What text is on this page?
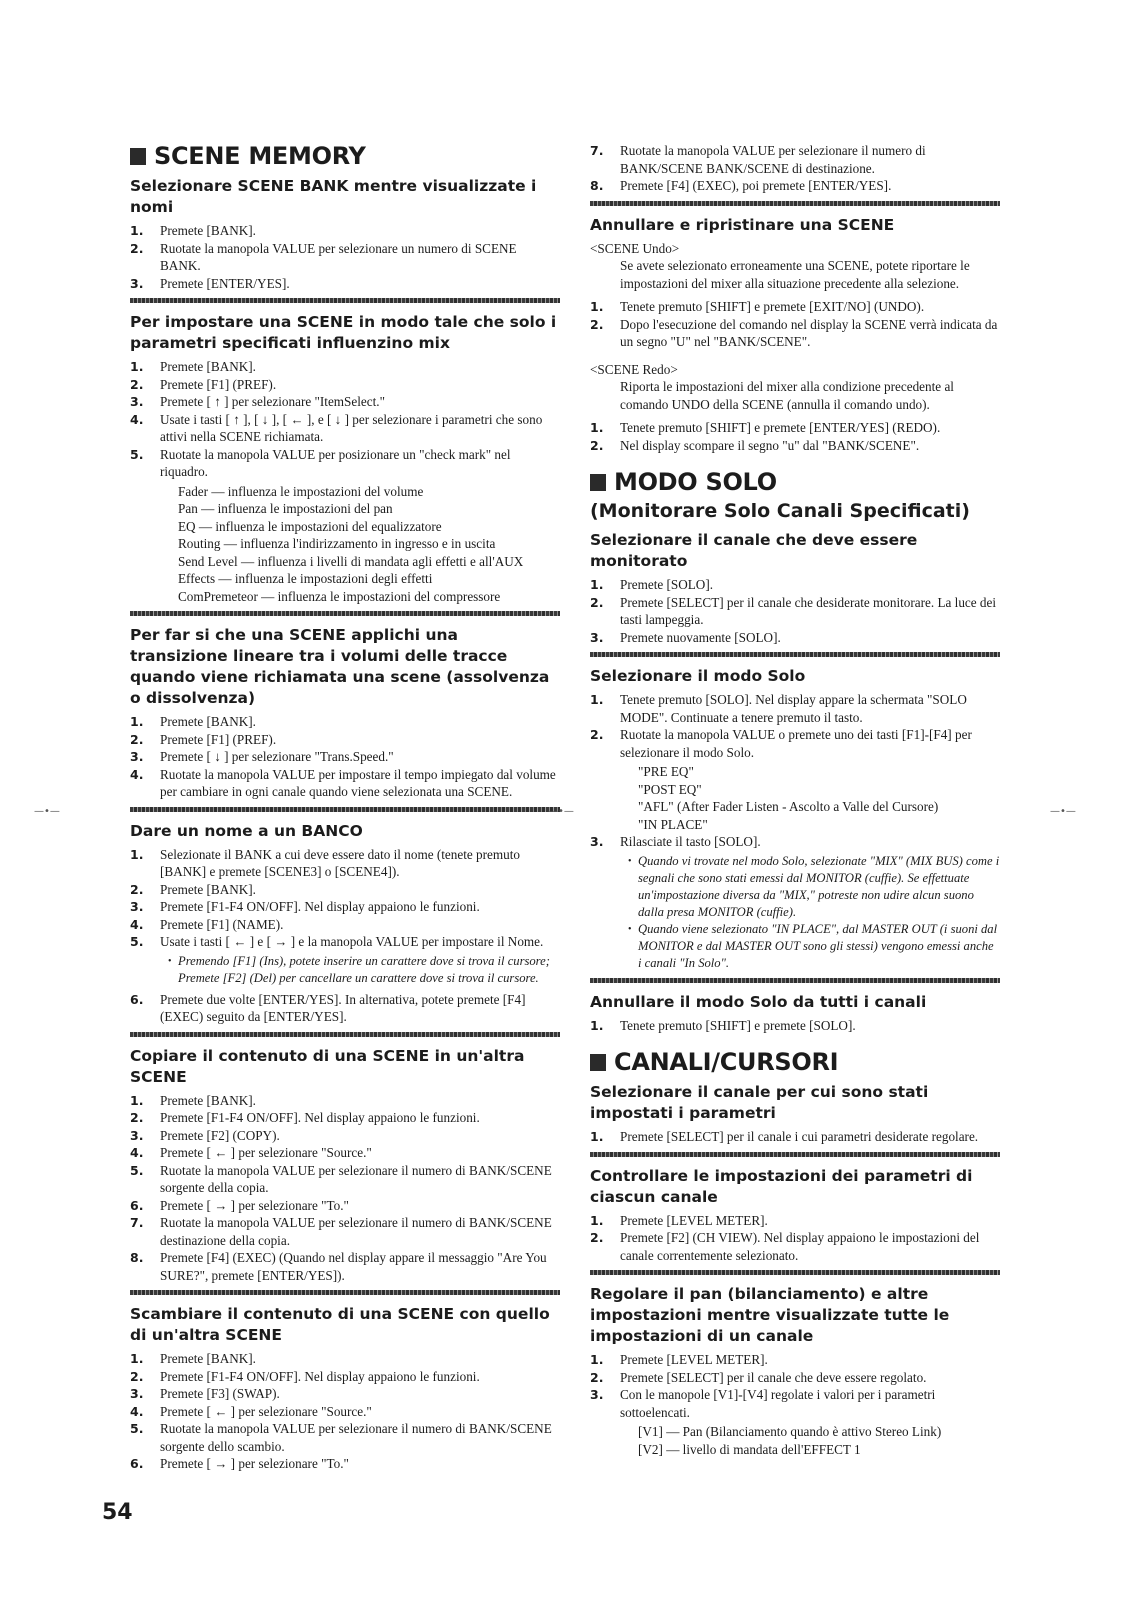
SCENE MEMORY
Selezionare SCENE BANK mentre visualizzate i nomi
1. Premete [BANK].
2. Ruotate la manopola VALUE per selezionare un numero di SCENE BANK.
3. Premete [ENTER/YES].
Per impostare una SCENE in modo tale che solo i parametri specificati influenzino mix
1. Premete [BANK].
2. Premete [F1] (PREF).
3. Premete [ ↑ ] per selezionare "ItemSelect."
4. Usate i tasti [ ↑ ], [ ↓ ], [ ← ], e [ ↓ ] per selezionare i parametri che sono attivi nella SCENE richiamata.
5. Ruotate la manopola VALUE per posizionare un "check mark" nel riquadro.
Fader — influenza le impostazioni del volume
Pan — influenza le impostazioni del pan
EQ — influenza le impostazioni del equalizzatore
Routing — influenza l'indirizzamento in ingresso e in uscita
Send Level — influenza i livelli di mandata agli effetti e all'AUX
Effects — influenza le impostazioni degli effetti
ComPremeteor — influenza le impostazioni del compressore
Per far si che una SCENE applichi una transizione lineare tra i volumi delle tracce quando viene richiamata una scene (assolvenza o dissolvenza)
1. Premete [BANK].
2. Premete [F1] (PREF).
3. Premete [ ↓ ] per selezionare "Trans.Speed."
4. Ruotate la manopola VALUE per impostare il tempo impiegato dal volume per cambiare in ogni canale quando viene selezionata una SCENE.
Dare un nome a un BANCO
1. Selezionate il BANK a cui deve essere dato il nome (tenete premuto [BANK] e premete [SCENE3] o [SCENE4]).
2. Premete [BANK].
3. Premete [F1-F4 ON/OFF]. Nel display appaiono le funzioni.
4. Premete [F1] (NAME).
5. Usate i tasti [ ← ] e [ → ] e la manopola VALUE per impostare il Nome.
• Premendo [F1] (Ins), potete inserire un carattere dove si trova il cursore; Premete [F2] (Del) per cancellare un carattere dove si trova il cursore.
6. Premete due volte [ENTER/YES]. In alternativa, potete premete [F4] (EXEC) seguito da [ENTER/YES].
Copiare il contenuto di una SCENE in un'altra SCENE
1. Premete [BANK].
2. Premete [F1-F4 ON/OFF]. Nel display appaiono le funzioni.
3. Premete [F2] (COPY).
4. Premete [ ← ] per selezionare "Source."
5. Ruotate la manopola VALUE per selezionare il numero di BANK/SCENE sorgente della copia.
6. Premete [ → ] per selezionare "To."
7. Ruotate la manopola VALUE per selezionare il numero di BANK/SCENE destinazione della copia.
8. Premete [F4] (EXEC) (Quando nel display appare il messaggio "Are You SURE?", premete [ENTER/YES]).
Scambiare il contenuto di una SCENE con quello di un'altra SCENE
1. Premete [BANK].
2. Premete [F1-F4 ON/OFF]. Nel display appaiono le funzioni.
3. Premete [F3] (SWAP).
4. Premete [ ← ] per selezionare "Source."
5. Ruotate la manopola VALUE per selezionare il numero di BANK/SCENE sorgente dello scambio.
6. Premete [ → ] per selezionare "To."
7. Ruotate la manopola VALUE per selezionare il numero di BANK/SCENE BANK/SCENE di destinazione.
8. Premete [F4] (EXEC), poi premete [ENTER/YES].
Annullare e ripristinare una SCENE
<SCENE Undo>
Se avete selezionato erroneamente una SCENE, potete riportare le impostazioni del mixer alla situazione precedente alla selezione.
1. Tenete premuto [SHIFT] e premete [EXIT/NO] (UNDO).
2. Dopo l'esecuzione del comando nel display la SCENE verrà indicata da un segno "U" nel "BANK/SCENE".
<SCENE Redo>
Riporta le impostazioni del mixer alla condizione precedente al comando UNDO della SCENE (annulla il comando undo).
1. Tenete premuto [SHIFT] e premete [ENTER/YES] (REDO).
2. Nel display scompare il segno "u" dal "BANK/SCENE".
MODO SOLO
(Monitorare Solo Canali Specificati)
Selezionare il canale che deve essere monitorato
1. Premete [SOLO].
2. Premete [SELECT] per il canale che desiderate monitorare. La luce dei tasti lampeggia.
3. Premete nuovamente [SOLO].
Selezionare il modo Solo
1. Tenete premuto [SOLO]. Nel display appare la schermata "SOLO MODE". Continuate a tenere premuto il tasto.
2. Ruotate la manopola VALUE o premete uno dei tasti [F1]-[F4] per selezionare il modo Solo.
"PRE EQ"
"POST EQ"
"AFL" (After Fader Listen - Ascolto a Valle del Cursore)
"IN PLACE"
3. Rilasciate il tasto [SOLO].
• Quando vi trovate nel modo Solo, selezionate "MIX" (MIX BUS) come i segnali che sono stati emessi dal MONITOR (cuffie). Se effettuate un'impostazione diversa da "MIX," potreste non udire alcun suono dalla presa MONITOR (cuffie).
• Quando viene selezionato "IN PLACE", dal MASTER OUT (i suoni dal MONITOR e dal MASTER OUT sono gli stessi) vengono emessi anche i canali "In Solo".
Annullare il modo Solo da tutti i canali
1. Tenete premuto [SHIFT] e premete [SOLO].
CANALI/CURSORI
Selezionare il canale per cui sono stati impostati i parametri
1. Premete [SELECT] per il canale i cui parametri desiderate regolare.
Controllare le impostazioni dei parametri di ciascun canale
1. Premete [LEVEL METER].
2. Premete [F2] (CH VIEW). Nel display appaiono le impostazioni del canale correntemente selezionato.
Regolare il pan (bilanciamento) e altre impostazioni mentre visualizzate tutte le impostazioni di un canale
1. Premete [LEVEL METER].
2. Premete [SELECT] per il canale che deve essere regolato.
3. Con le manopole [V1]-[V4] regolate i valori per i parametri sottoelencati.
[V1] — Pan (Bilanciamento quando è attivo Stereo Link)
[V2] — livello di mandata dell'EFFECT 1
54
—•—	—•—	—•—
